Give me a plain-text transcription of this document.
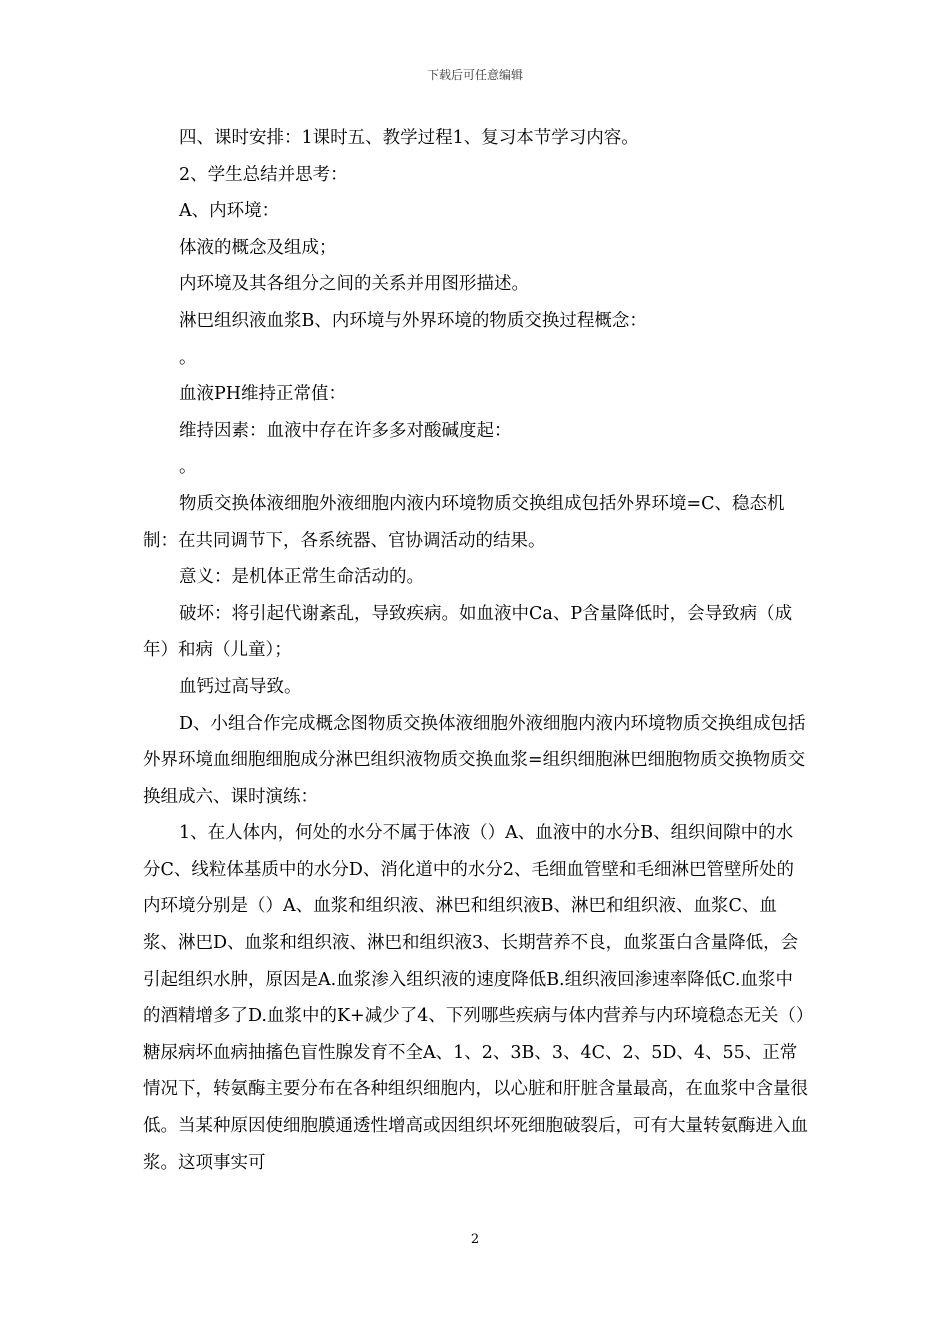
下载后可任意编辑

四、课时安排：1课时五、教学过程1、复习本节学习内容。

2、学生总结并思考：

A、内环境：

体液的概念及组成；

内环境及其各组分之间的关系并用图形描述。

淋巴组织液血浆B、内环境与外界环境的物质交换过程概念：

。

血液PH维持正常值：

维持因素：血液中存在许多多对酸碱度起：

。

物质交换体液细胞外液细胞内液内环境物质交换组成包括外界环境=C、稳态机制：在共同调节下，各系统器、官协调活动的结果。

意义：是机体正常生命活动的。

破坏：将引起代谢紊乱，导致疾病。如血液中Ca、P含量降低时，会导致病（成年）和病（儿童）；

血钙过高导致。

D、小组合作完成概念图物质交换体液细胞外液细胞内液内环境物质交换组成包括外界环境血细胞细胞成分淋巴组织液物质交换血浆=组织细胞淋巴细胞物质交换物质交换组成六、课时演练：

1、在人体内，何处的水分不属于体液（）A、血液中的水分B、组织间隙中的水分C、线粒体基质中的水分D、消化道中的水分2、毛细血管壁和毛细淋巴管壁所处的内环境分别是（）A、血浆和组织液、淋巴和组织液B、淋巴和组织液、血浆C、血浆、淋巴D、血浆和组织液、淋巴和组织液3、长期营养不良，血浆蛋白含量降低，会引起组织水肿，原因是A.血浆渗入组织液的速度降低B.组织液回渗速率降低C.血浆中的酒精增多了D.血浆中的K+减少了4、下列哪些疾病与体内营养与内环境稳态无关（）糖尿病坏血病抽搐色盲性腺发育不全A、1、2、3B、3、4C、2、5D、4、55、正常情况下，转氨酶主要分布在各种组织细胞内，以心脏和肝脏含量最高，在血浆中含量很低。当某种原因使细胞膜通透性增高或因组织坏死细胞破裂后，可有大量转氨酶进入血浆。这项事实可

2
